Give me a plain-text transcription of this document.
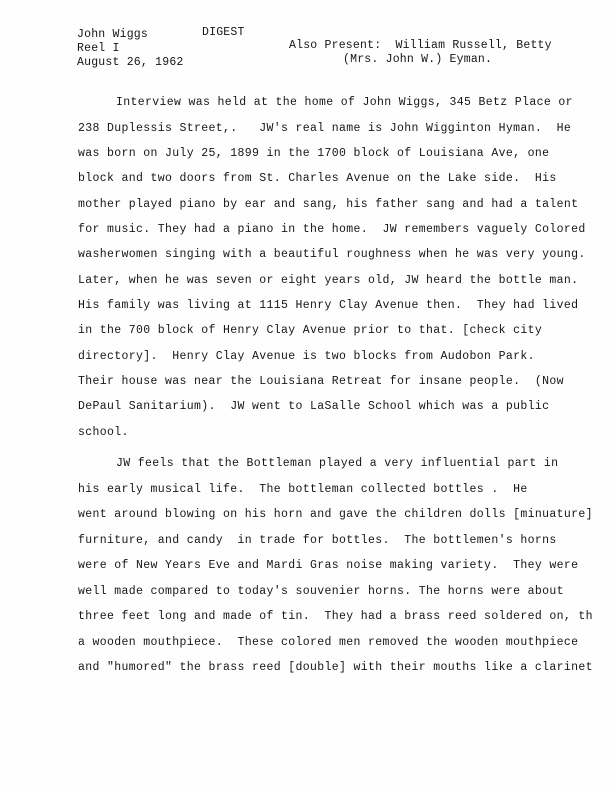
John Wiggs	DIGEST
Reel I
August 26, 1962
Also Present:  William Russell, Betty
(Mrs. John W.) Eyman.
Interview was held at the home of John Wiggs, 345 Betz Place or
238 Duplessis Street,.   JW's real name is John Wigginton Hyman.  He
was born on July 25, 1899 in the 1700 block of Louisiana Ave, one
block and two doors from St. Charles Avenue on the Lake side.  His
mother played piano by ear and sang, his father sang and had a talent
for music. They had a piano in the home.  JW remembers vaguely Colored
washerwomen singing with a beautiful roughness when he was very young.
Later, when he was seven or eight years old, JW heard the bottle man.
His family was living at 1115 Henry Clay Avenue then.  They had lived
in the 700 block of Henry Clay Avenue prior to that. [check city
directory].  Henry Clay Avenue is two blocks from Audobon Park.
Their house was near the Louisiana Retreat for insane people.  (Now
DePaul Sanitarium).  JW went to LaSalle School which was a public
school.
JW feels that the Bottleman played a very influential part in
his early musical life.  The bottleman collected bottles .  He
went around blowing on his horn and gave the children dolls [minuature]
furniture, and candy  in trade for bottles.  The bottlemen's horns
were of New Years Eve and Mardi Gras noise making variety.  They were
well made compared to today's souvenier horns. The horns were about
three feet long and made of tin.  They had a brass reed soldered on, th
a wooden mouthpiece.  These colored men removed the wooden mouthpiece
and "humored" the brass reed [double] with their mouths like a clarinet
